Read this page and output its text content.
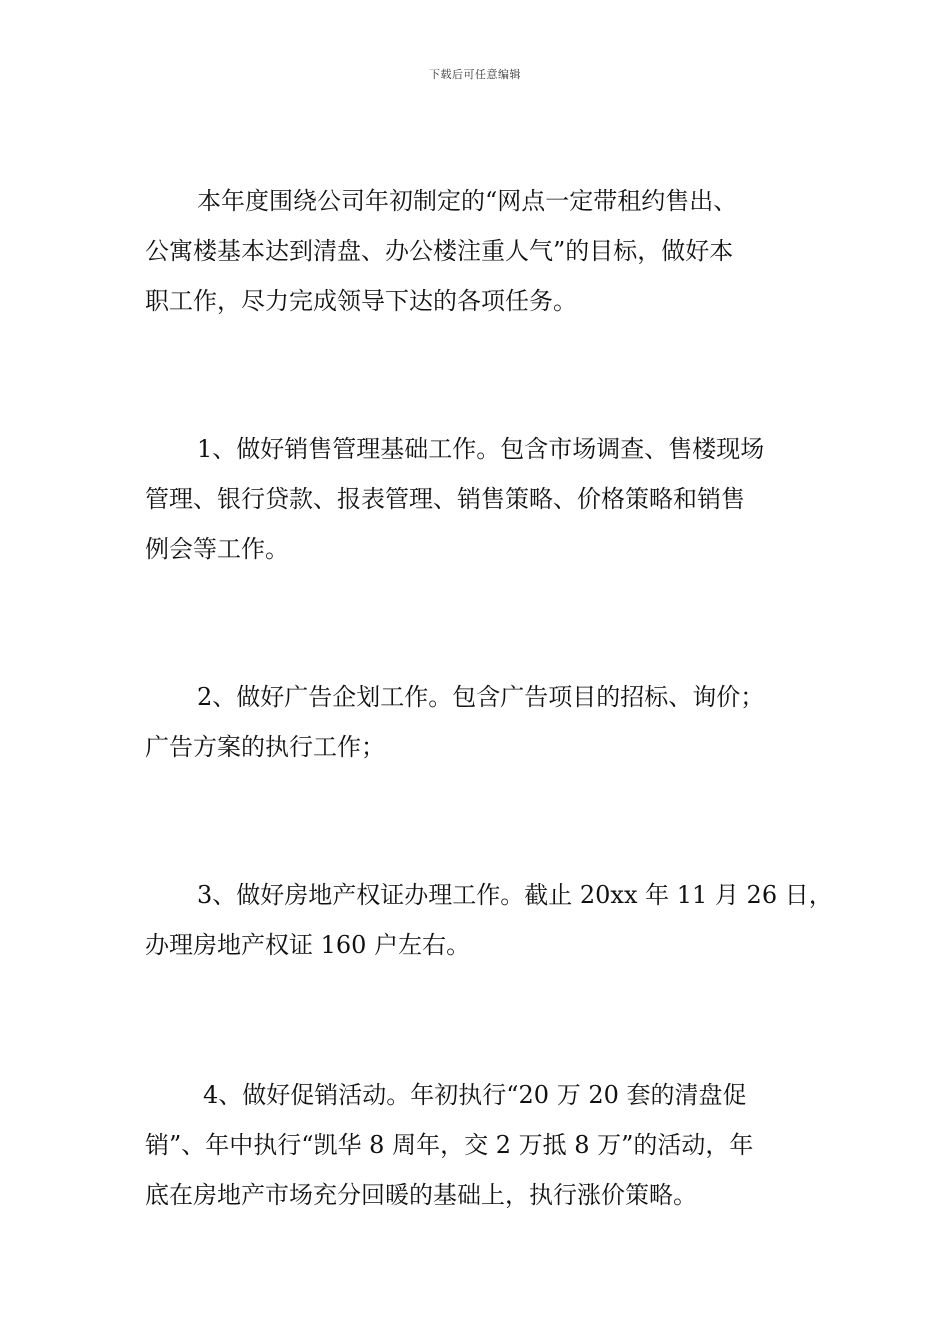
下载后可任意编辑
本年度围绕公司年初制定的“网点一定带租约售出、
公寓楼基本达到清盘、办公楼注重人气”的目标，做好本
职工作，尽力完成领导下达的各项任务。
1、做好销售管理基础工作。包含市场调查、售楼现场
管理、银行贷款、报表管理、销售策略、价格策略和销售
例会等工作。
2、做好广告企划工作。包含广告项目的招标、询价；
广告方案的执行工作；
3、做好房地产权证办理工作。截止 20xx 年 11 月 26 日，
办理房地产权证 160 户左右。
4、做好促销活动。年初执行“20 万 20 套的清盘促
销”、年中执行“凯华 8 周年，交 2 万抵 8 万”的活动，年
底在房地产市场充分回暖的基础上，执行涨价策略。
